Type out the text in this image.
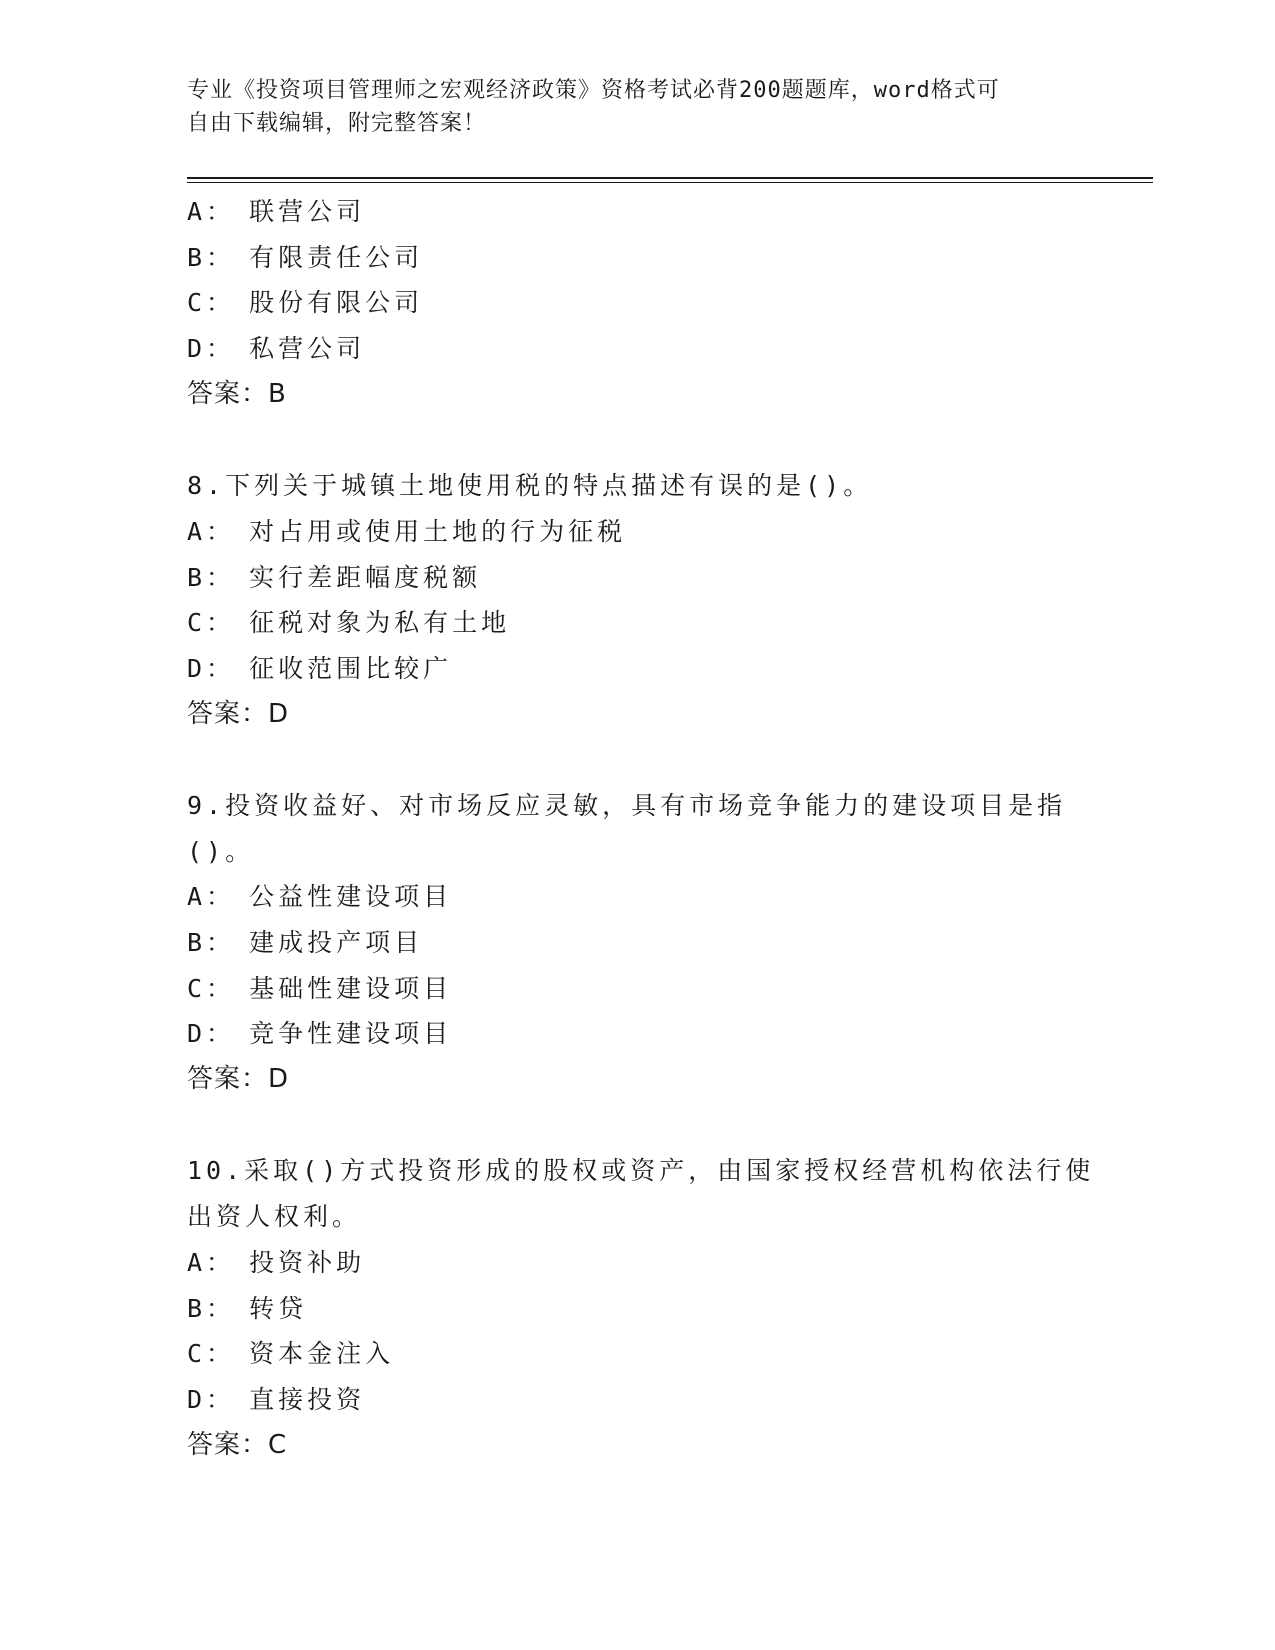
专业《投资项目管理师之宏观经济政策》资格考试必背200题题库，word格式可
自由下载编辑，附完整答案！
A： 联营公司
B： 有限责任公司
C： 股份有限公司
D： 私营公司
答案：B
8.下列关于城镇土地使用税的特点描述有误的是()。
A： 对占用或使用土地的行为征税
B： 实行差距幅度税额
C： 征税对象为私有土地
D： 征收范围比较广
答案：D
9.投资收益好、对市场反应灵敏，具有市场竞争能力的建设项目是指
()。
A： 公益性建设项目
B： 建成投产项目
C： 基础性建设项目
D： 竞争性建设项目
答案：D
10.采取()方式投资形成的股权或资产，由国家授权经营机构依法行使
出资人权利。
A： 投资补助
B： 转贷
C： 资本金注入
D： 直接投资
答案：C
